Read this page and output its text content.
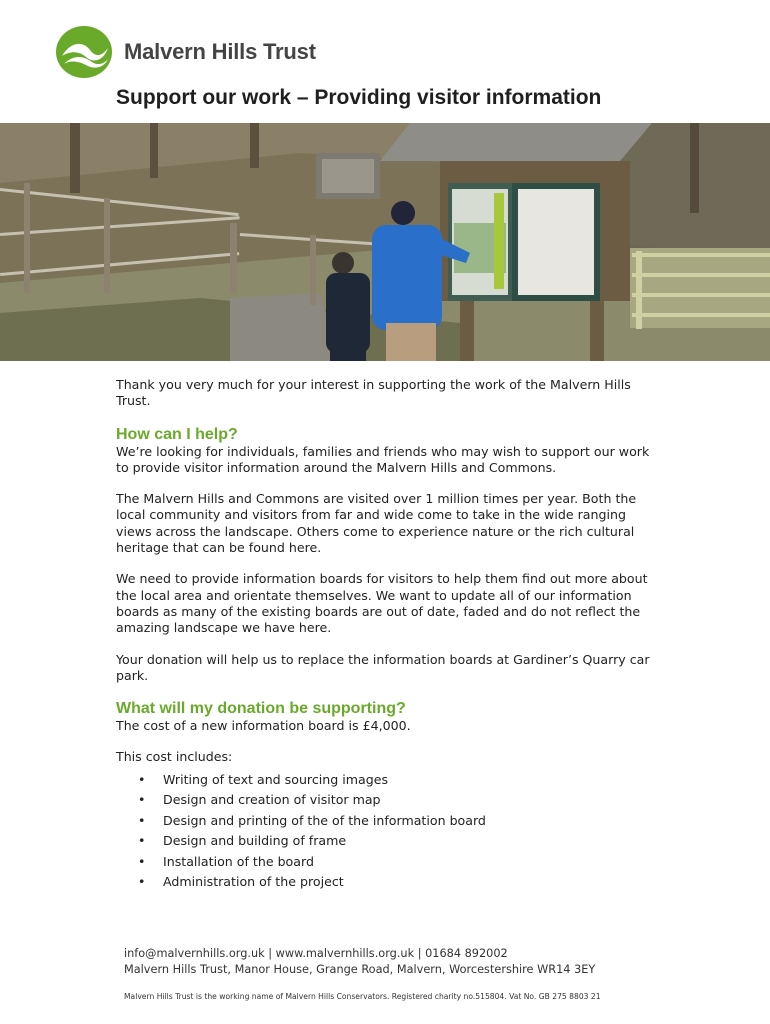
Malvern Hills Trust
Support our work – Providing visitor information

Thank you very much for your interest in supporting the work of the Malvern Hills Trust.

How can I help?

We’re looking for individuals, families and friends who may wish to support our work to provide visitor information around the Malvern Hills and Commons.

The Malvern Hills and Commons are visited over 1 million times per year. Both the local community and visitors from far and wide come to take in the wide ranging views across the landscape. Others come to experience nature or the rich cultural heritage that can be found here.

We need to provide information boards for visitors to help them find out more about the local area and orientate themselves. We want to update all of our information boards as many of the existing boards are out of date, faded and do not reflect the amazing landscape we have here.

Your donation will help us to replace the information boards at Gardiner’s Quarry car park.

What will my donation be supporting?

The cost of a new information board is £4,000.

This cost includes:

• Writing of text and sourcing images
• Design and creation of visitor map
• Design and printing of the of the information board
• Design and building of frame
• Installation of the board
• Administration of the project
info@malvernhills.org.uk | www.malvernhills.org.uk | 01684 892002
Malvern Hills Trust, Manor House, Grange Road, Malvern, Worcestershire WR14 3EY
Malvern Hills Trust is the working name of Malvern Hills Conservators. Registered charity no.515804. Vat No. GB 275 8803 21
